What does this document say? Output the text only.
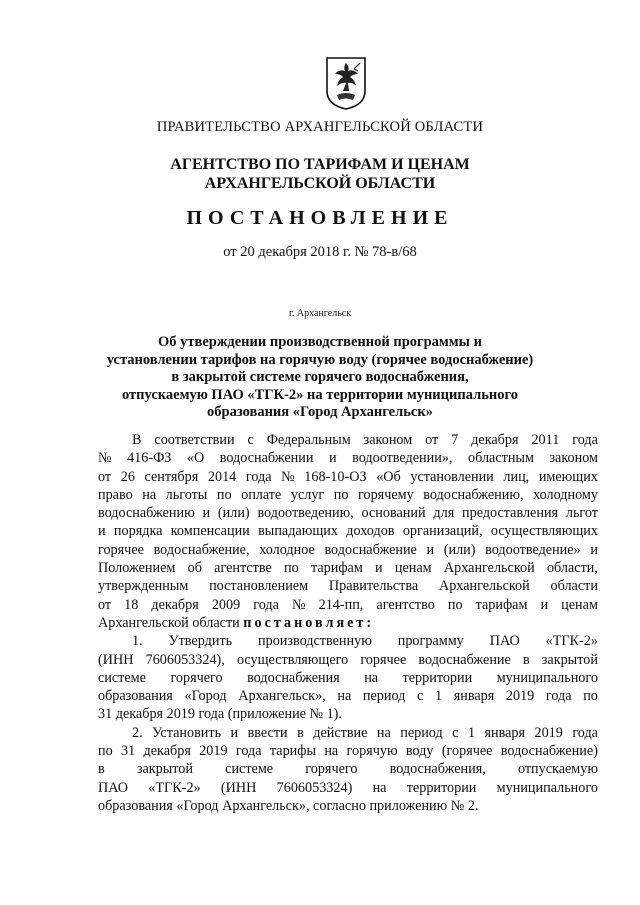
ПРАВИТЕЛЬСТВО АРХАНГЕЛЬСКОЙ ОБЛАСТИ
АГЕНТСТВО ПО ТАРИФАМ И ЦЕНАМ
АРХАНГЕЛЬСКОЙ ОБЛАСТИ
ПОСТАНОВЛЕНИЕ
от 20 декабря 2018 г. № 78-в/68
г. Архангельск
Об утверждении производственной программы и
установлении тарифов на горячую воду (горячее водоснабжение)
в закрытой системе горячего водоснабжения,
отпускаемую ПАО «ТГК-2» на территории муниципального
образования «Город Архангельск»
В соответствии с Федеральным законом от 7 декабря 2011 года
№ 416-ФЗ «О водоснабжении и водоотведении», областным законом
от 26 сентября 2014 года № 168-10-ОЗ «Об установлении лиц, имеющих
право на льготы по оплате услуг по горячему водоснабжению, холодному
водоснабжению и (или) водоотведению, оснований для предоставления льгот
и порядка компенсации выпадающих доходов организаций, осуществляющих
горячее водоснабжение, холодное водоснабжение и (или) водоотведение» и
Положением об агентстве по тарифам и ценам Архангельской области,
утвержденным постановлением Правительства Архангельской области
от 18 декабря 2009 года № 214-пп, агентство по тарифам и ценам
Архангельской области
постановляет:
1. Утвердить производственную программу ПАО «ТГК-2»
(ИНН 7606053324), осуществляющего горячее водоснабжение в закрытой
системе горячего водоснабжения на территории муниципального
образования «Город Архангельск», на период с 1 января 2019 года по
31 декабря 2019 года (приложение № 1).
2. Установить и ввести в действие на период с 1 января 2019 года
по 31 декабря 2019 года тарифы на горячую воду (горячее водоснабжение)
в закрытой системе горячего водоснабжения, отпускаемую
ПАО «ТГК-2» (ИНН 7606053324) на территории муниципального
образования «Город Архангельск», согласно приложению № 2.
